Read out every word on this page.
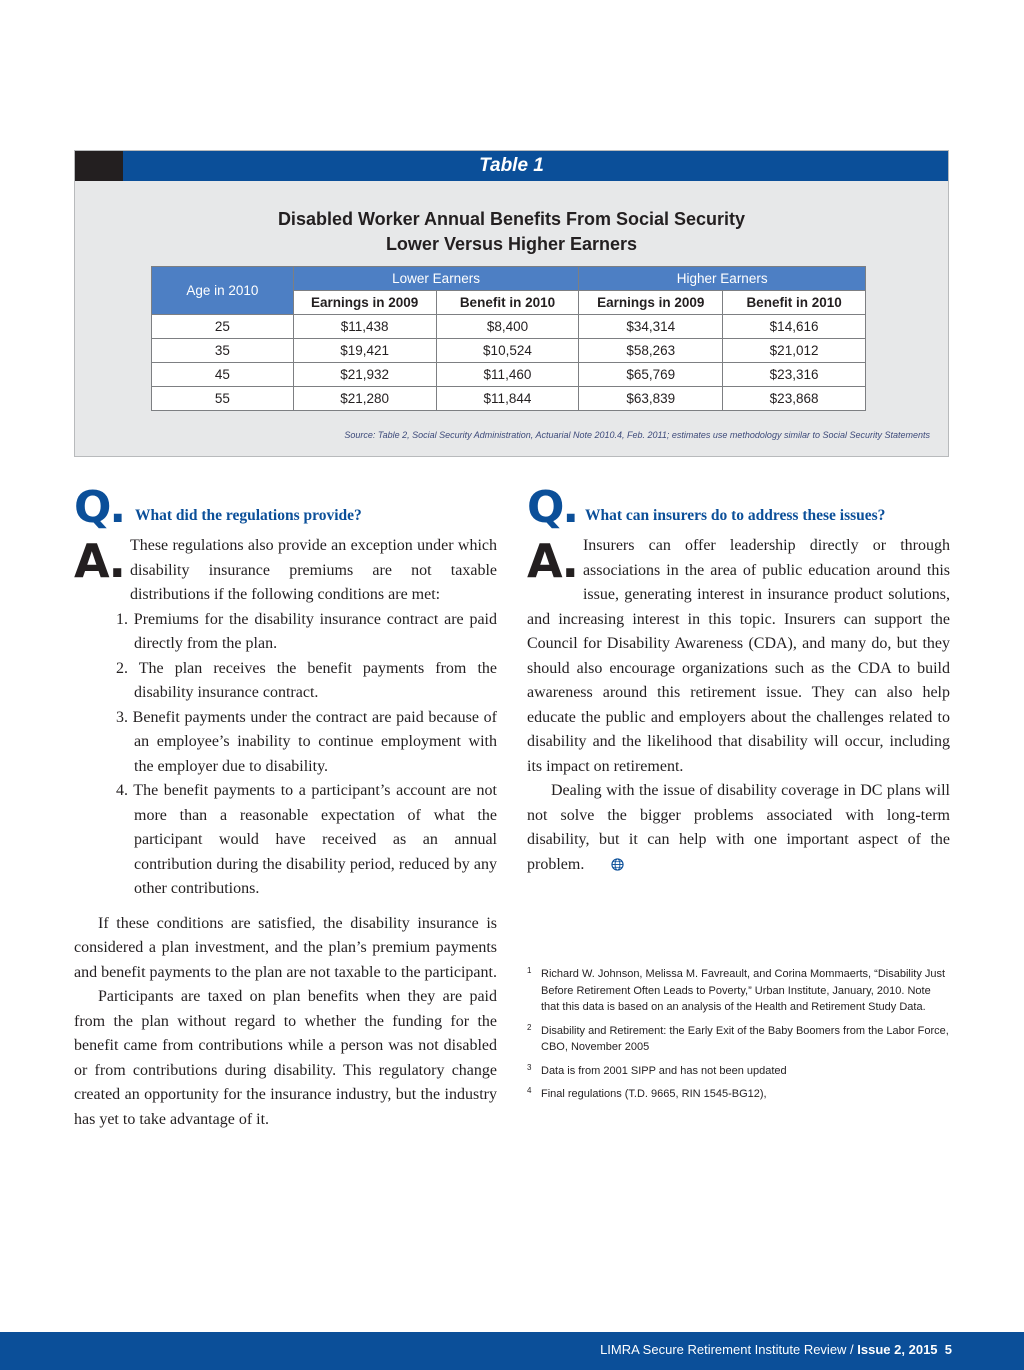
Table 1
Disabled Worker Annual Benefits From Social Security
Lower Versus Higher Earners
Age in 2010	Lower Earners		Higher Earners	
	Earnings in 2009	Benefit in 2010	Earnings in 2009	Benefit in 2010
25	$11,438	$8,400	$34,314	$14,616
35	$19,421	$10,524	$58,263	$21,012
45	$21,932	$11,460	$65,769	$23,316
55	$21,280	$11,844	$63,839	$23,868
Source: Table 2, Social Security Administration, Actuarial Note 2010.4, Feb. 2011; estimates use methodology similar to Social Security Statements
Q. What did the regulations provide?

A. These regulations also provide an exception under which disability insurance premiums are not taxable distributions if the following conditions are met:

1. Premiums for the disability insurance contract are paid directly from the plan.
2. The plan receives the benefit payments from the disability insurance contract.
3. Benefit payments under the contract are paid because of an employee’s inability to continue employment with the employer due to disability.
4. The benefit payments to a participant’s account are not more than a reasonable expectation of what the participant would have received as an annual contribution during the disability period, reduced by any other contributions.

If these conditions are satisfied, the disability insurance is considered a plan investment, and the plan’s premium payments and benefit payments to the plan are not taxable to the participant.

Participants are taxed on plan benefits when they are paid from the plan without regard to whether the funding for the benefit came from contributions while a person was not disabled or from contributions during disability. This regulatory change created an opportunity for the insurance industry, but the industry has yet to take advantage of it.

Q. What can insurers do to address these issues?

A. Insurers can offer leadership directly or through associations in the area of public education around this issue, generating interest in insurance product solutions, and increasing interest in this topic. Insurers can support the Council for Disability Awareness (CDA), and many do, but they should also encourage organizations such as the CDA to build awareness around this retirement issue. They can also help educate the public and employers about the challenges related to disability and the likelihood that disability will occur, including its impact on retirement.

Dealing with the issue of disability coverage in DC plans will not solve the bigger problems associated with long-term disability, but it can help with one important aspect of the problem.

1 Richard W. Johnson, Melissa M. Favreault, and Corina Mommaerts, “Disability Just Before Retirement Often Leads to Poverty,” Urban Institute, January, 2010. Note that this data is based on an analysis of the Health and Retirement Study Data.
2 Disability and Retirement: the Early Exit of the Baby Boomers from the Labor Force, CBO, November 2005
3 Data is from 2001 SIPP and has not been updated
4 Final regulations (T.D. 9665, RIN 1545-BG12),
LIMRA Secure Retirement Institute Review / Issue 2, 2015 5
